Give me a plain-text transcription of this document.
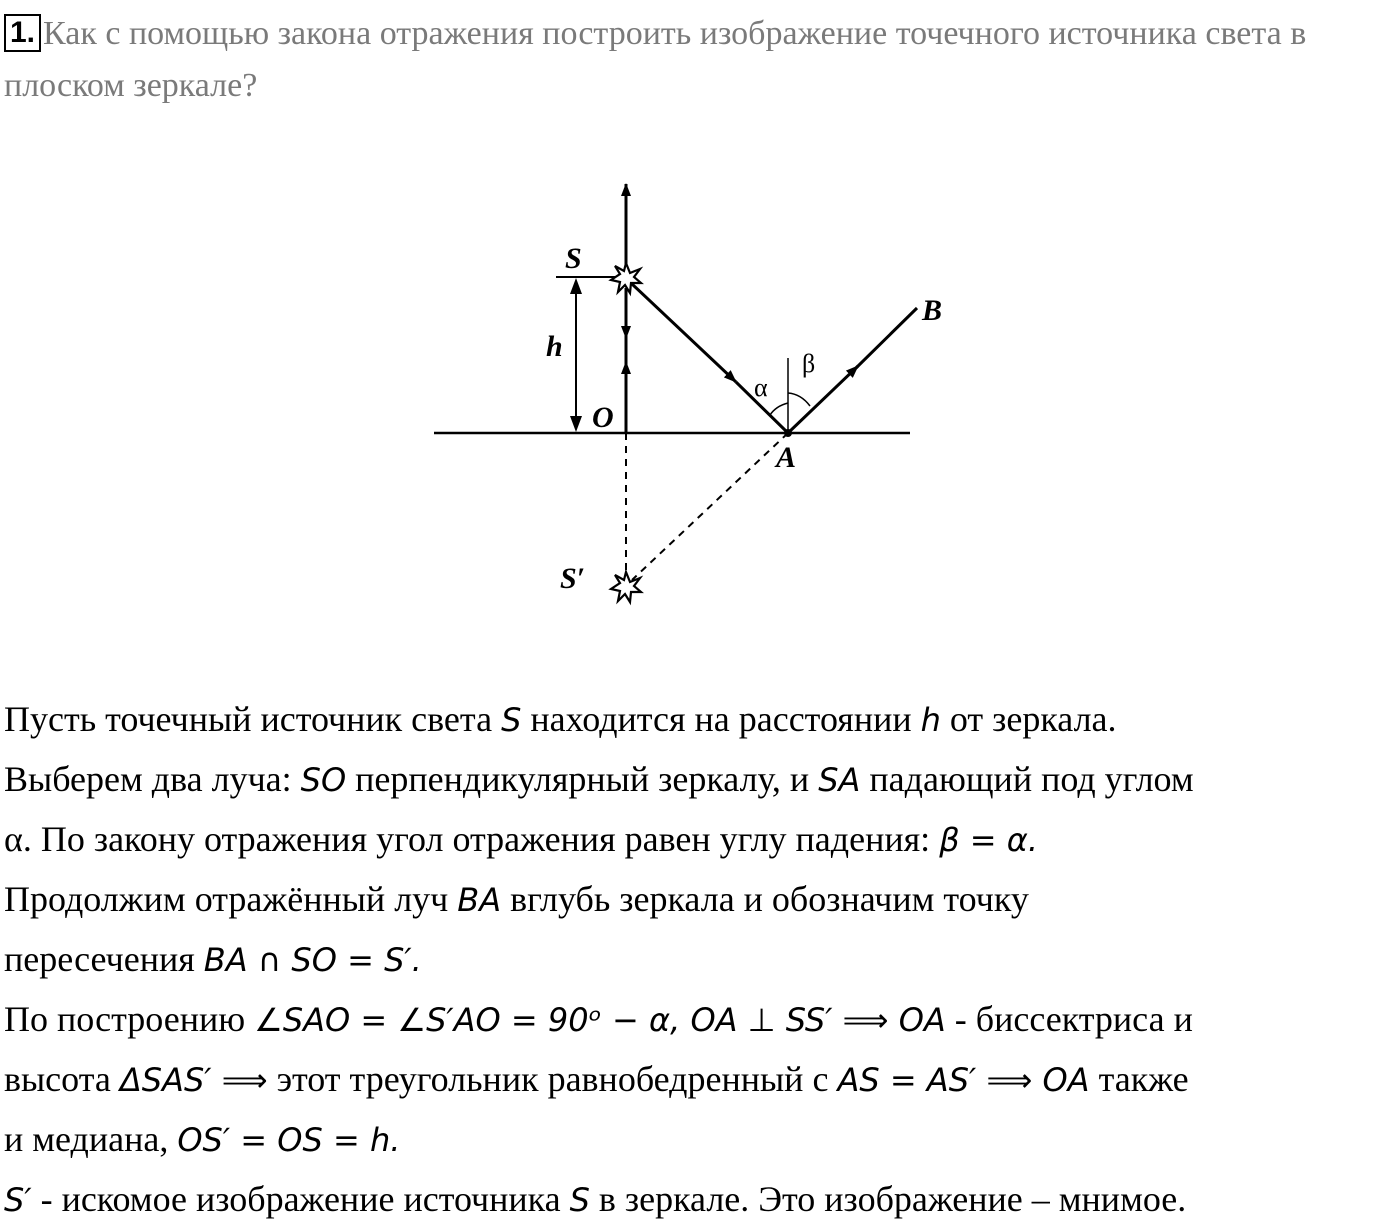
1. Как с помощью закона отражения построить изображение точечного источника света в плоском зеркале?
S
h
O
A
B
S′
α
β

Пусть точечный источник света S находится на расстоянии h от зеркала.

Выберем два луча: SO перпендикулярный зеркалу, и SA падающий под углом

α. По закону отражения угол отражения равен углу падения: β = α.

Продолжим отражённый луч BA вглубь зеркала и обозначим точку

пересечения BA ∩ SO = S′.

По построению ∠SAO = ∠S′AO = 90ᵒ − α, OA ⊥ SS′ ⟹ OA - биссектриса и

высота ΔSAS′ ⟹ этот треугольник равнобедренный с AS = AS′ ⟹ OA также

и медиана, OS′ = OS = h.

S′ - искомое изображение источника S в зеркале. Это изображение – мнимое.
